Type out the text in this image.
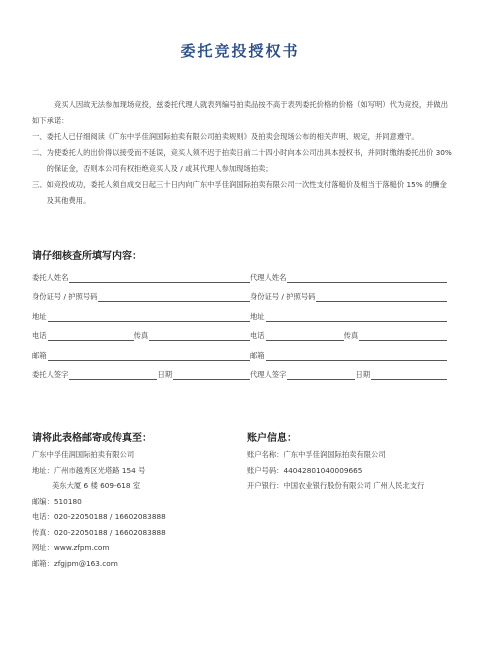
委托竞投授权书

竞买人因故无法参加现场竞投，兹委托代理人就表列编号拍卖品按不高于表列委托价格的价格（如写明）代为竞投，并做出如下承诺：

一、 委托人已仔细阅读《广东中孚佳润国际拍卖有限公司拍卖规则》及拍卖会现场公布的相关声明、规定，并同意遵守。
二、 为使委托人的出价得以接受而不延误，竞买人须不迟于拍卖日前二十四小时向本公司出具本授权书，并同时缴纳委托出价 30% 的保证金，否则本公司有权拒绝竞买人及 / 或其代理人参加现场拍卖；
三、 如竞投成功，委托人须自成交日起三十日内向广东中孚佳润国际拍卖有限公司一次性支付落槌价及相当于落槌价 15% 的酬金及其他费用。
请仔细核查所填写内容：
委托人姓名	代理人姓名
身份证号 / 护照号码	身份证号 / 护照号码
地址	地址
电话	传真	电话	传真
邮箱	邮箱
委托人签字	日期	代理人签字	日期
请将此表格邮寄或传真至：	账户信息：

广东中孚佳润国际拍卖有限公司

地址：广州市越秀区光塔路 154 号

美东大厦 6 楼 609-618 室

邮编：510180

电话：020-22050188 / 16602083888

传真：020-22050188 / 16602083888

网址：www.zfpm.com

邮箱：zfgjpm@163.com

账户名称：广东中孚佳润国际拍卖有限公司

账户号码：44042801040009665

开户银行：中国农业银行股份有限公司 广州人民北支行
